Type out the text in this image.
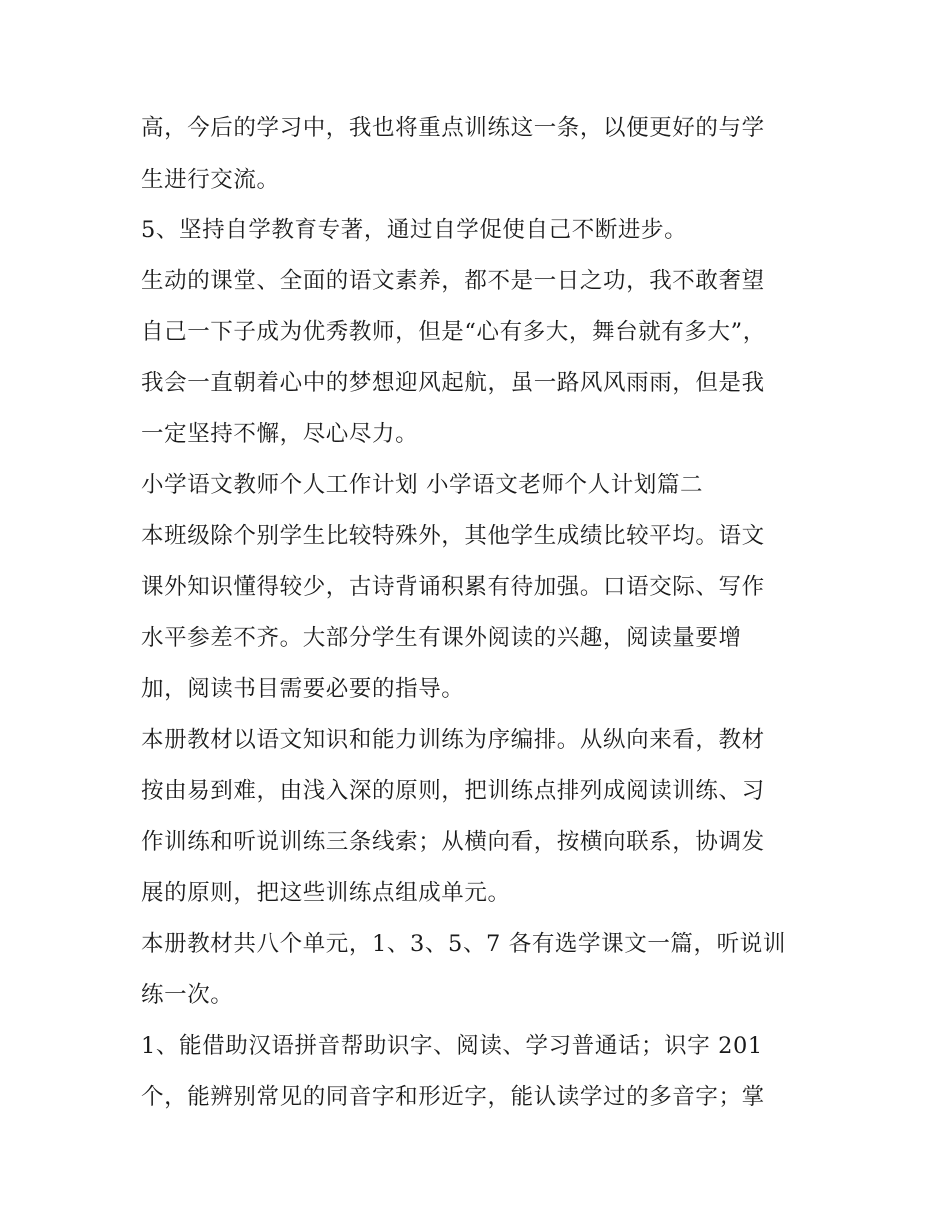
高，今后的学习中，我也将重点训练这一条，以便更好的与学
生进行交流。
5、坚持自学教育专著，通过自学促使自己不断进步。
生动的课堂、全面的语文素养，都不是一日之功，我不敢奢望
自己一下子成为优秀教师，但是“心有多大，舞台就有多大”，
我会一直朝着心中的梦想迎风起航，虽一路风风雨雨，但是我
一定坚持不懈，尽心尽力。
小学语文教师个人工作计划 小学语文老师个人计划篇二
本班级除个别学生比较特殊外，其他学生成绩比较平均。语文
课外知识懂得较少，古诗背诵积累有待加强。口语交际、写作
水平参差不齐。大部分学生有课外阅读的兴趣，阅读量要增
加，阅读书目需要必要的指导。
本册教材以语文知识和能力训练为序编排。从纵向来看，教材
按由易到难，由浅入深的原则，把训练点排列成阅读训练、习
作训练和听说训练三条线索；从横向看，按横向联系，协调发
展的原则，把这些训练点组成单元。
本册教材共八个单元，1、3、5、7 各有选学课文一篇，听说训
练一次。
1、能借助汉语拼音帮助识字、阅读、学习普通话；识字 201
个，能辨别常见的同音字和形近字，能认读学过的多音字；掌
